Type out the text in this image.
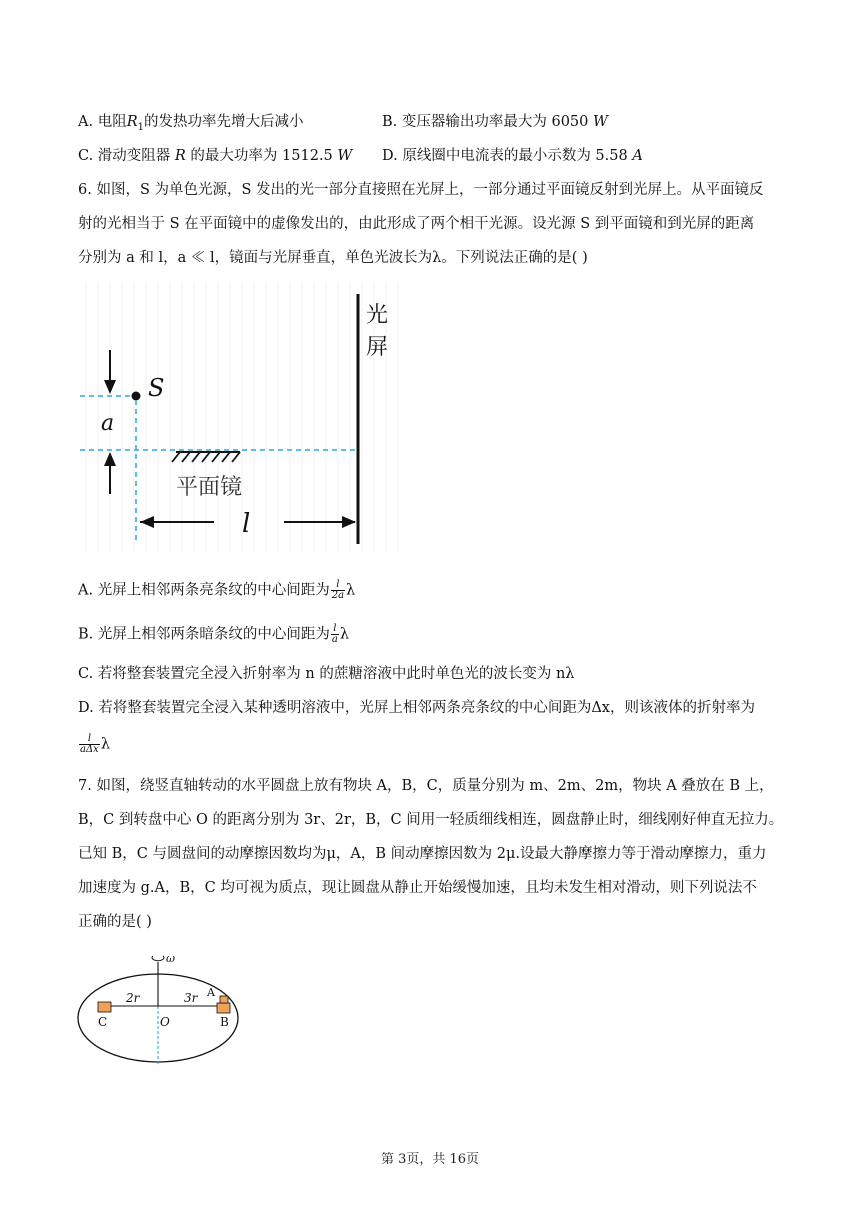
A. 电阻$R_1$的发热功率先增大后减小	B. 变压器输出功率最大为 6050 W
C. 滑动变阻器 R 的最大功率为 1512.5 W D. 原线圈中电流表的最小示数为 5.58 A
6. 如图，S 为单色光源，S 发出的光一部分直接照在光屏上，一部分通过平面镜反射到光屏上。从平面镜反
射的光相当于 S 在平面镜中的虚像发出的，由此形成了两个相干光源。设光源 S 到平面镜和到光屏的距离
分别为 a 和 l，a ≪ l，镜面与光屏垂直，单色光波长为λ。下列说法正确的是( )
光
屏
S
a
平面镜
l
A. 光屏上相邻两条亮条纹的中心间距为 $\frac{l}{2a}$ λ
B. 光屏上相邻两条暗条纹的中心间距为 $\frac{l}{a}$ λ
C. 若将整套装置完全浸入折射率为 n 的蔗糖溶液中此时单色光的波长变为 nλ
D. 若将整套装置完全浸入某种透明溶液中，光屏上相邻两条亮条纹的中心间距为Δx，则该液体的折射率为
$\frac{l}{\text{aΔx}}$ λ
7. 如图，绕竖直轴转动的水平圆盘上放有物块 A，B，C，质量分别为 m、2m、2m，物块 A 叠放在 B 上，
B，C 到转盘中心 O 的距离分别为 3r、2r，B，C 间用一轻质细线相连，圆盘静止时，细线刚好伸直无拉力。
已知 B，C 与圆盘间的动摩擦因数均为μ，A，B 间动摩擦因数为 2μ.设最大静摩擦力等于滑动摩擦力，重力
加速度为 g.A，B，C 均可视为质点，现让圆盘从静止开始缓慢加速，且均未发生相对滑动，则下列说法不
正确的是( )
ω
2r	3r A
C	O	B
第 3页，共 16页
